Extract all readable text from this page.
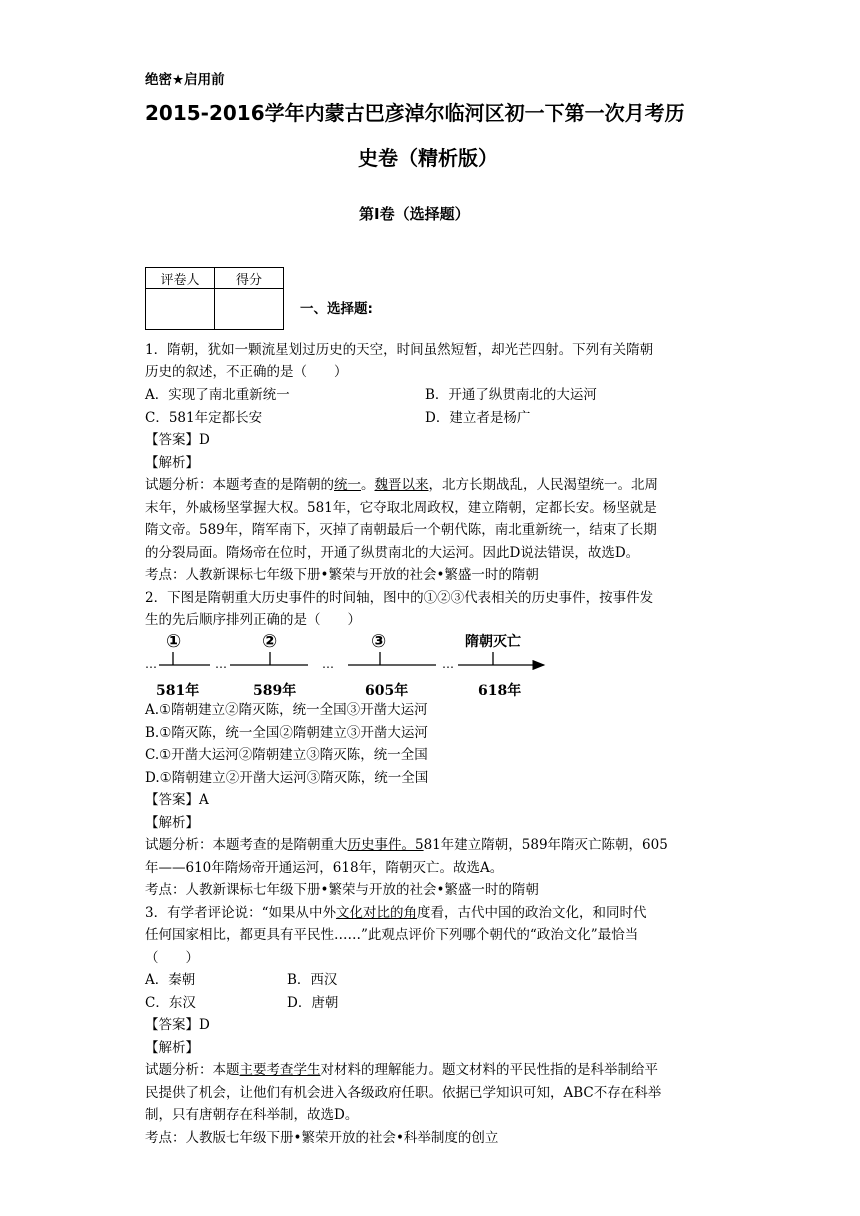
绝密★启用前
2015-2016学年内蒙古巴彦淖尔临河区初一下第一次月考历
史卷（精析版）
第I卷（选择题）
评卷人	得分

一、选择题:
1．隋朝，犹如一颗流星划过历史的天空，时间虽然短暂，却光芒四射。下列有关隋朝
历史的叙述，不正确的是（　　）
A．实现了南北重新统一	B．开通了纵贯南北的大运河
C．581年定都长安	D．建立者是杨广
【答案】D
【解析】
试题分析：本题考查的是隋朝的统一。魏晋以来，北方长期战乱，人民渴望统一。北周
末年，外戚杨坚掌握大权。581年，它夺取北周政权，建立隋朝，定都长安。杨坚就是
隋文帝。589年，隋军南下，灭掉了南朝最后一个朝代陈，南北重新统一，结束了长期
的分裂局面。隋炀帝在位时，开通了纵贯南北的大运河。因此D说法错误，故选D。
考点：人教新课标七年级下册•繁荣与开放的社会•繁盛一时的隋朝
2．下图是隋朝重大历史事件的时间轴，图中的①②③代表相关的历史事件，按事件发
生的先后顺序排列正确的是（　　）
①	②	③	隋朝灭亡
…	…	…	…
581年	589年	605年	618年
A.①隋朝建立②隋灭陈，统一全国③开凿大运河
B.①隋灭陈，统一全国②隋朝建立③开凿大运河
C.①开凿大运河②隋朝建立③隋灭陈，统一全国
D.①隋朝建立②开凿大运河③隋灭陈，统一全国
【答案】A
【解析】
试题分析：本题考查的是隋朝重大历史事件。581年建立隋朝，589年隋灭亡陈朝，605
年——610年隋炀帝开通运河，618年，隋朝灭亡。故选A。
考点：人教新课标七年级下册•繁荣与开放的社会•繁盛一时的隋朝
3．有学者评论说：“如果从中外文化对比的角度看，古代中国的政治文化，和同时代
任何国家相比，都更具有平民性……”此观点评价下列哪个朝代的“政治文化”最恰当
（　　）
A．秦朝	B．西汉
C．东汉	D．唐朝
【答案】D
【解析】
试题分析：本题主要考查学生对材料的理解能力。题文材料的平民性指的是科举制给平
民提供了机会，让他们有机会进入各级政府任职。依据已学知识可知，ABC不存在科举
制，只有唐朝存在科举制，故选D。
考点：人教版七年级下册•繁荣开放的社会•科举制度的创立
